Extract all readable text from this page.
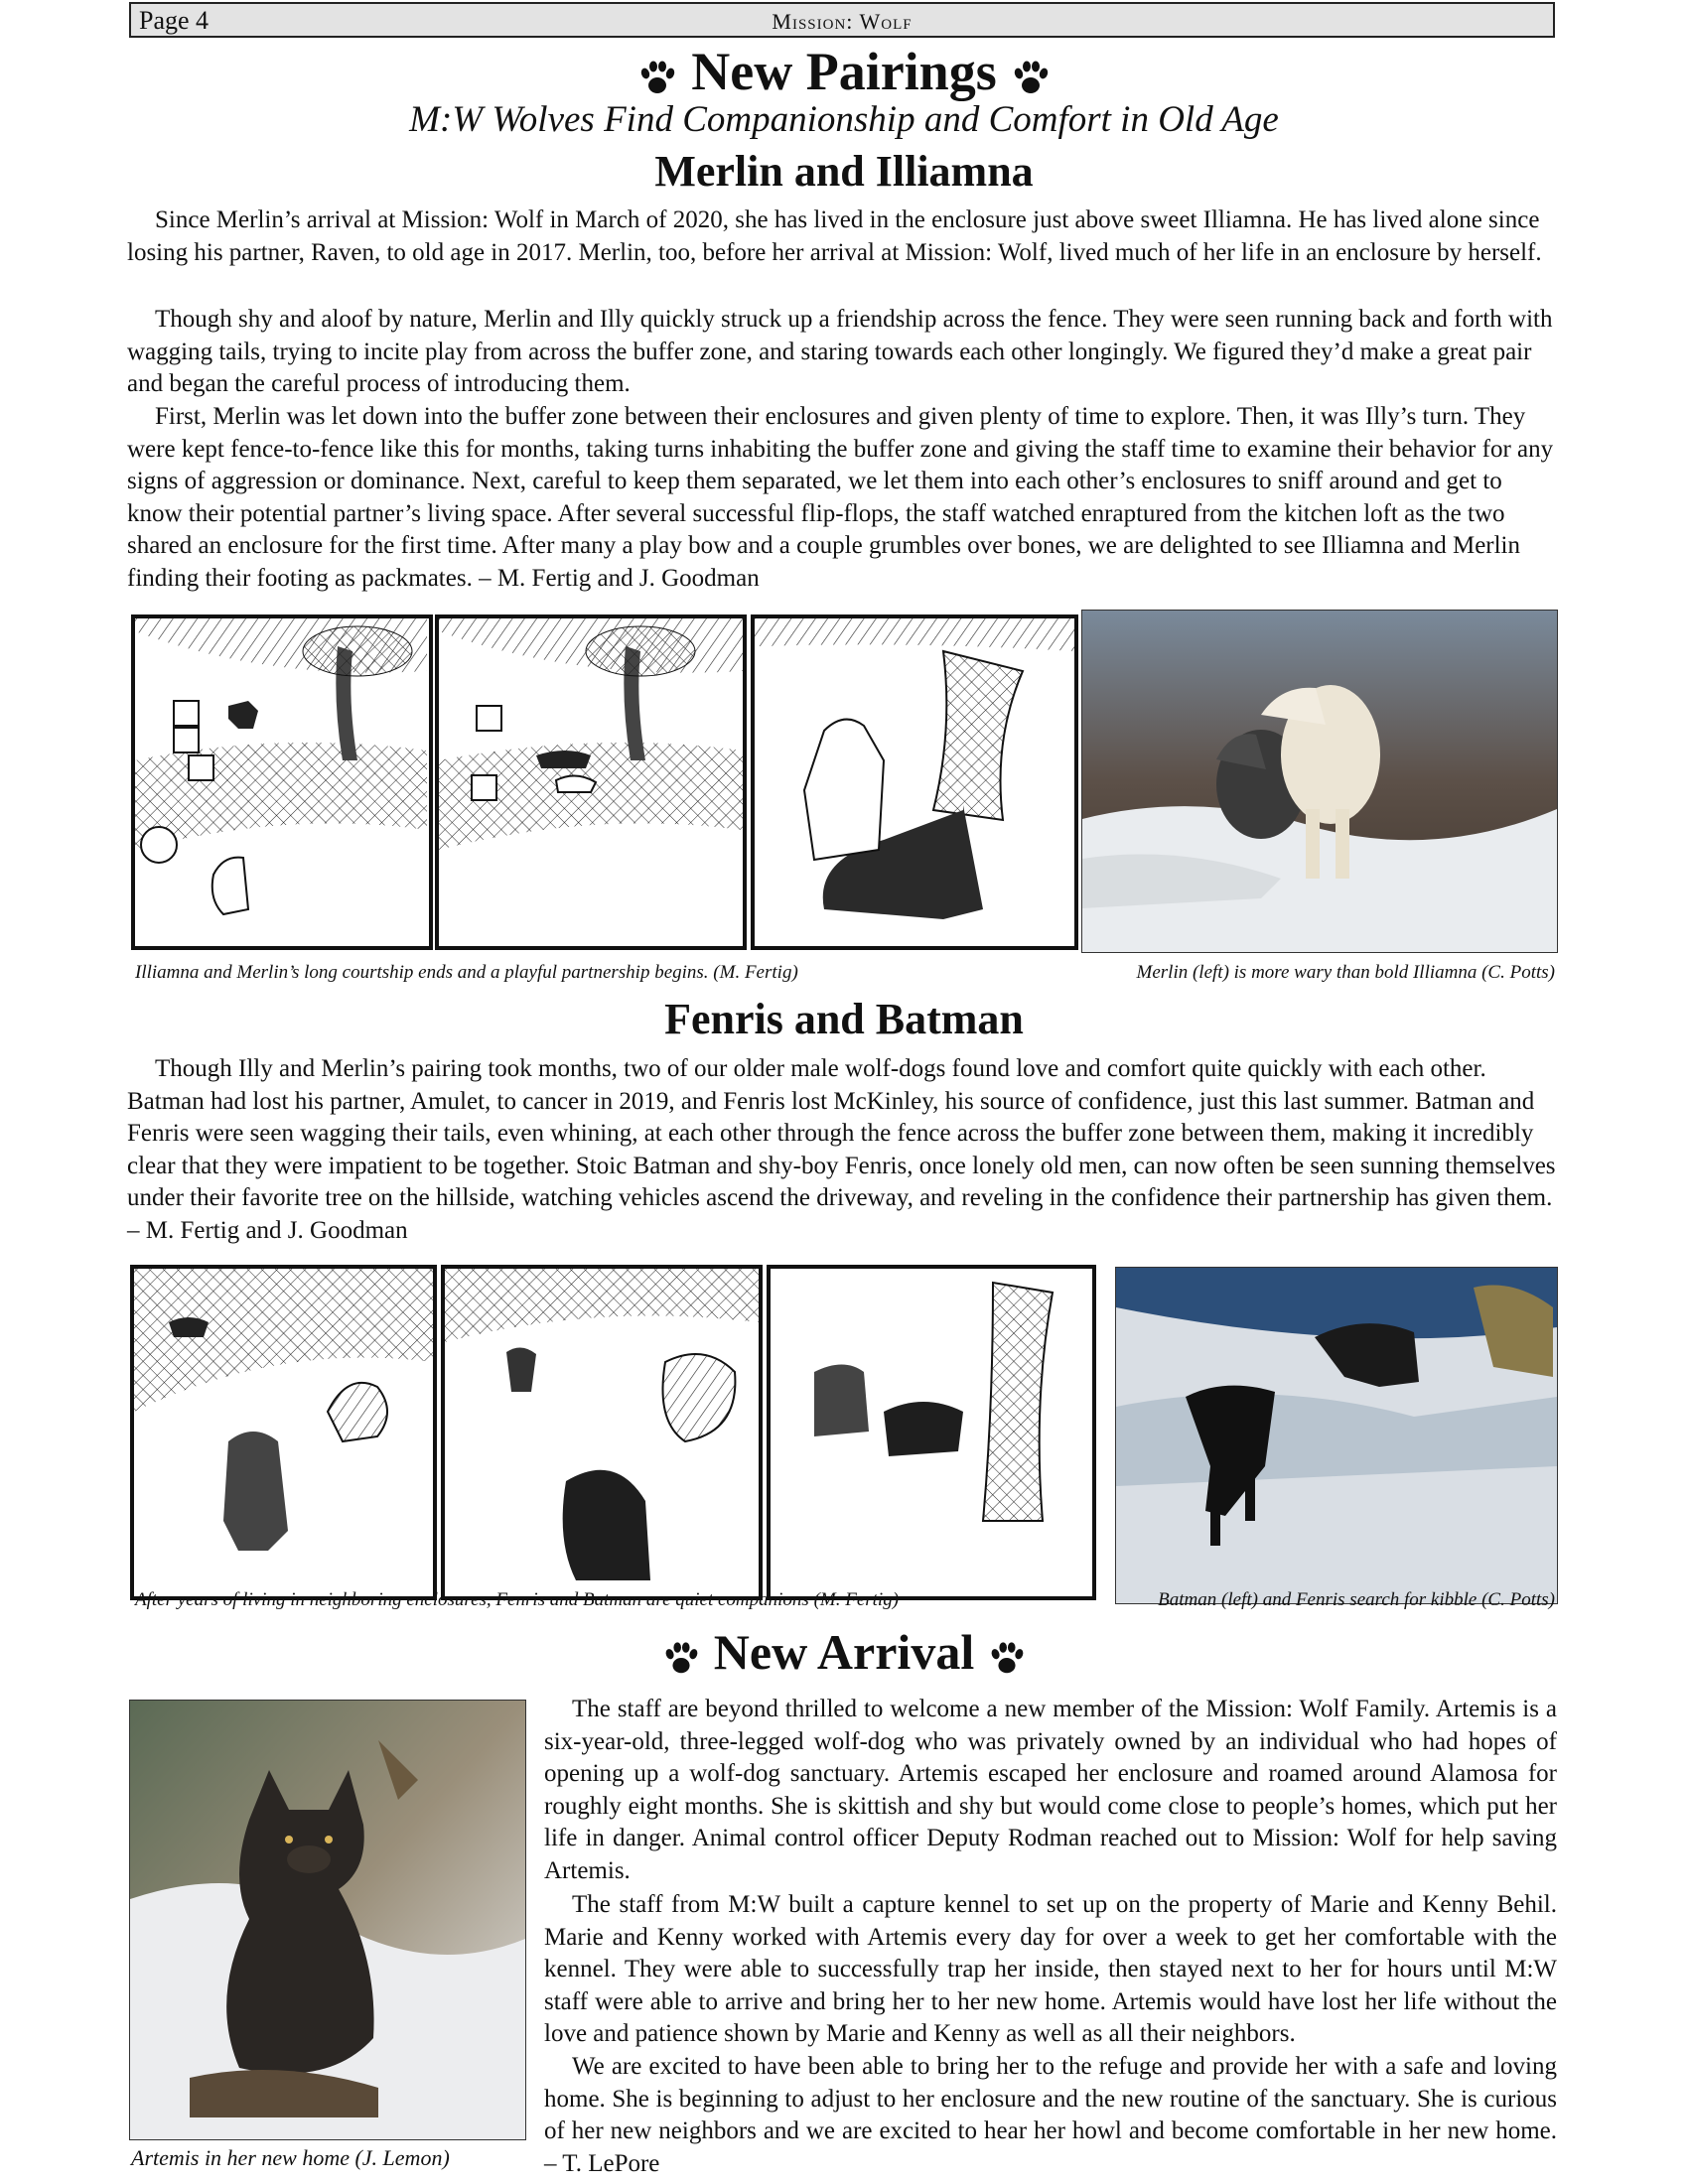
Page 4	Mission: Wolf
New Pairings
M:W Wolves Find Companionship and Comfort in Old Age
Merlin and Illiamna
Since Merlin’s arrival at Mission: Wolf in March of 2020, she has lived in the enclosure just above sweet Illiamna. He has lived alone since losing his partner, Raven, to old age in 2017. Merlin, too, before her arrival at Mission: Wolf, lived much of her life in an enclosure by herself.
Though shy and aloof by nature, Merlin and Illy quickly struck up a friendship across the fence. They were seen running back and forth with wagging tails, trying to incite play from across the buffer zone, and staring towards each other longingly. We figured they’d make a great pair and began the careful process of introducing them.
First, Merlin was let down into the buffer zone between their enclosures and given plenty of time to explore. Then, it was Illy’s turn. They were kept fence-to-fence like this for months, taking turns inhabiting the buffer zone and giving the staff time to examine their behavior for any signs of aggression or dominance. Next, careful to keep them separated, we let them into each other’s enclosures to sniff around and get to know their potential partner’s living space. After several successful flip-flops, the staff watched enraptured from the kitchen loft as the two shared an enclosure for the first time. After many a play bow and a couple grumbles over bones, we are delighted to see Illiamna and Merlin finding their footing as packmates. – M. Fertig and J. Goodman
Illiamna and Merlin’s long courtship ends and a playful partnership begins. (M. Fertig)	Merlin (left) is more wary than bold Illiamna (C. Potts)
Fenris and Batman
Though Illy and Merlin’s pairing took months, two of our older male wolf-dogs found love and comfort quite quickly with each other. Batman had lost his partner, Amulet, to cancer in 2019, and Fenris lost McKinley, his source of confidence, just this last summer. Batman and Fenris were seen wagging their tails, even whining, at each other through the fence across the buffer zone between them, making it incredibly clear that they were impatient to be together. Stoic Batman and shy-boy Fenris, once lonely old men, can now often be seen sunning themselves under their favorite tree on the hillside, watching vehicles ascend the driveway, and reveling in the confidence their partnership has given them. – M. Fertig and J. Goodman
After years of living in neighboring enclosures, Fenris and Batman are quiet companions (M. Fertig)	Batman (left) and Fenris search for kibble (C. Potts)
New Arrival
Artemis in her new home (J. Lemon)
The staff are beyond thrilled to welcome a new member of the Mission: Wolf Family. Artemis is a six-year-old, three-legged wolf-dog who was privately owned by an individual who had hopes of opening up a wolf-dog sanctuary. Artemis escaped her enclosure and roamed around Alamosa for roughly eight months. She is skittish and shy but would come close to people’s homes, which put her life in danger. Animal control officer Deputy Rodman reached out to Mission: Wolf for help saving Artemis.
The staff from M:W built a capture kennel to set up on the property of Marie and Kenny Behil. Marie and Kenny worked with Artemis every day for over a week to get her comfortable with the kennel. They were able to successfully trap her inside, then stayed next to her for hours until M:W staff were able to arrive and bring her to her new home. Artemis would have lost her life without the love and patience shown by Marie and Kenny as well as all their neighbors.
We are excited to have been able to bring her to the refuge and provide her with a safe and loving home. She is beginning to adjust to her enclosure and the new routine of the sanctuary. She is curious of her new neighbors and we are excited to hear her howl and become comfortable in her new home. – T. LePore
